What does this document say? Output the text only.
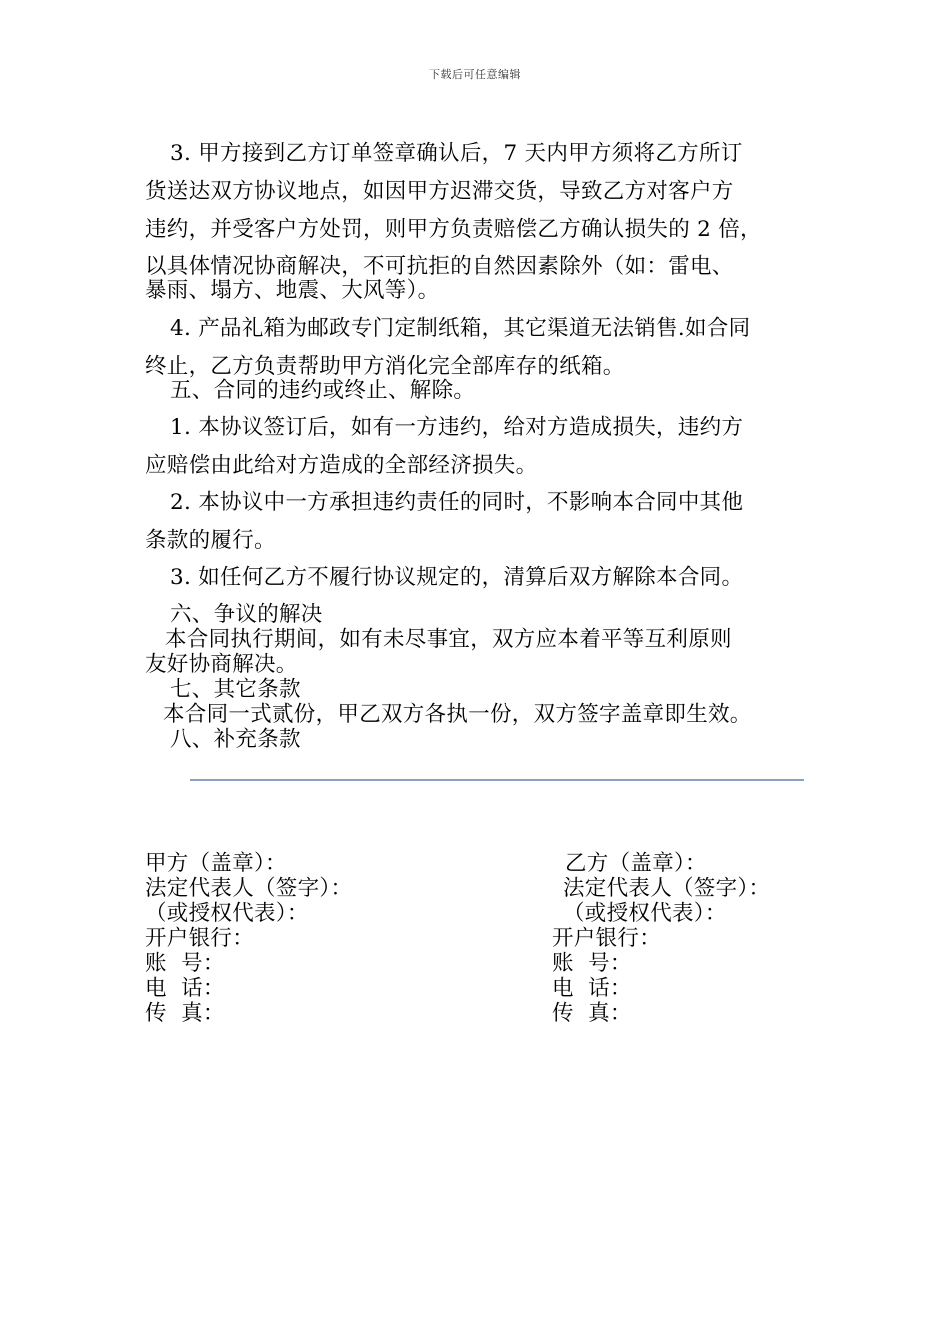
下载后可任意编辑
3. 甲方接到乙方订单签章确认后，7 天内甲方须将乙方所订
货送达双方协议地点，如因甲方迟滞交货，导致乙方对客户方
违约，并受客户方处罚，则甲方负责赔偿乙方确认损失的 2 倍，
以具体情况协商解决，不可抗拒的自然因素除外（如：雷电、
暴雨、塌方、地震、大风等）。
4. 产品礼箱为邮政专门定制纸箱，其它渠道无法销售.如合同
终止，乙方负责帮助甲方消化完全部库存的纸箱。
五、合同的违约或终止、解除。
1. 本协议签订后，如有一方违约，给对方造成损失，违约方
应赔偿由此给对方造成的全部经济损失。
2. 本协议中一方承担违约责任的同时，不影响本合同中其他
条款的履行。
3. 如任何乙方不履行协议规定的，清算后双方解除本合同。
六、争议的解决
本合同执行期间，如有未尽事宜，双方应本着平等互利原则
友好协商解决。
七、其它条款
本合同一式贰份，甲乙双方各执一份，双方签字盖章即生效。
八、补充条款
甲方（盖章）：
法定代表人（签字）：
（或授权代表）：
开户银行：
账  号：
电  话：
传  真：
乙方（盖章）：
法定代表人（签字）：
（或授权代表）：
开户银行：
账  号：
电  话：
传  真：
